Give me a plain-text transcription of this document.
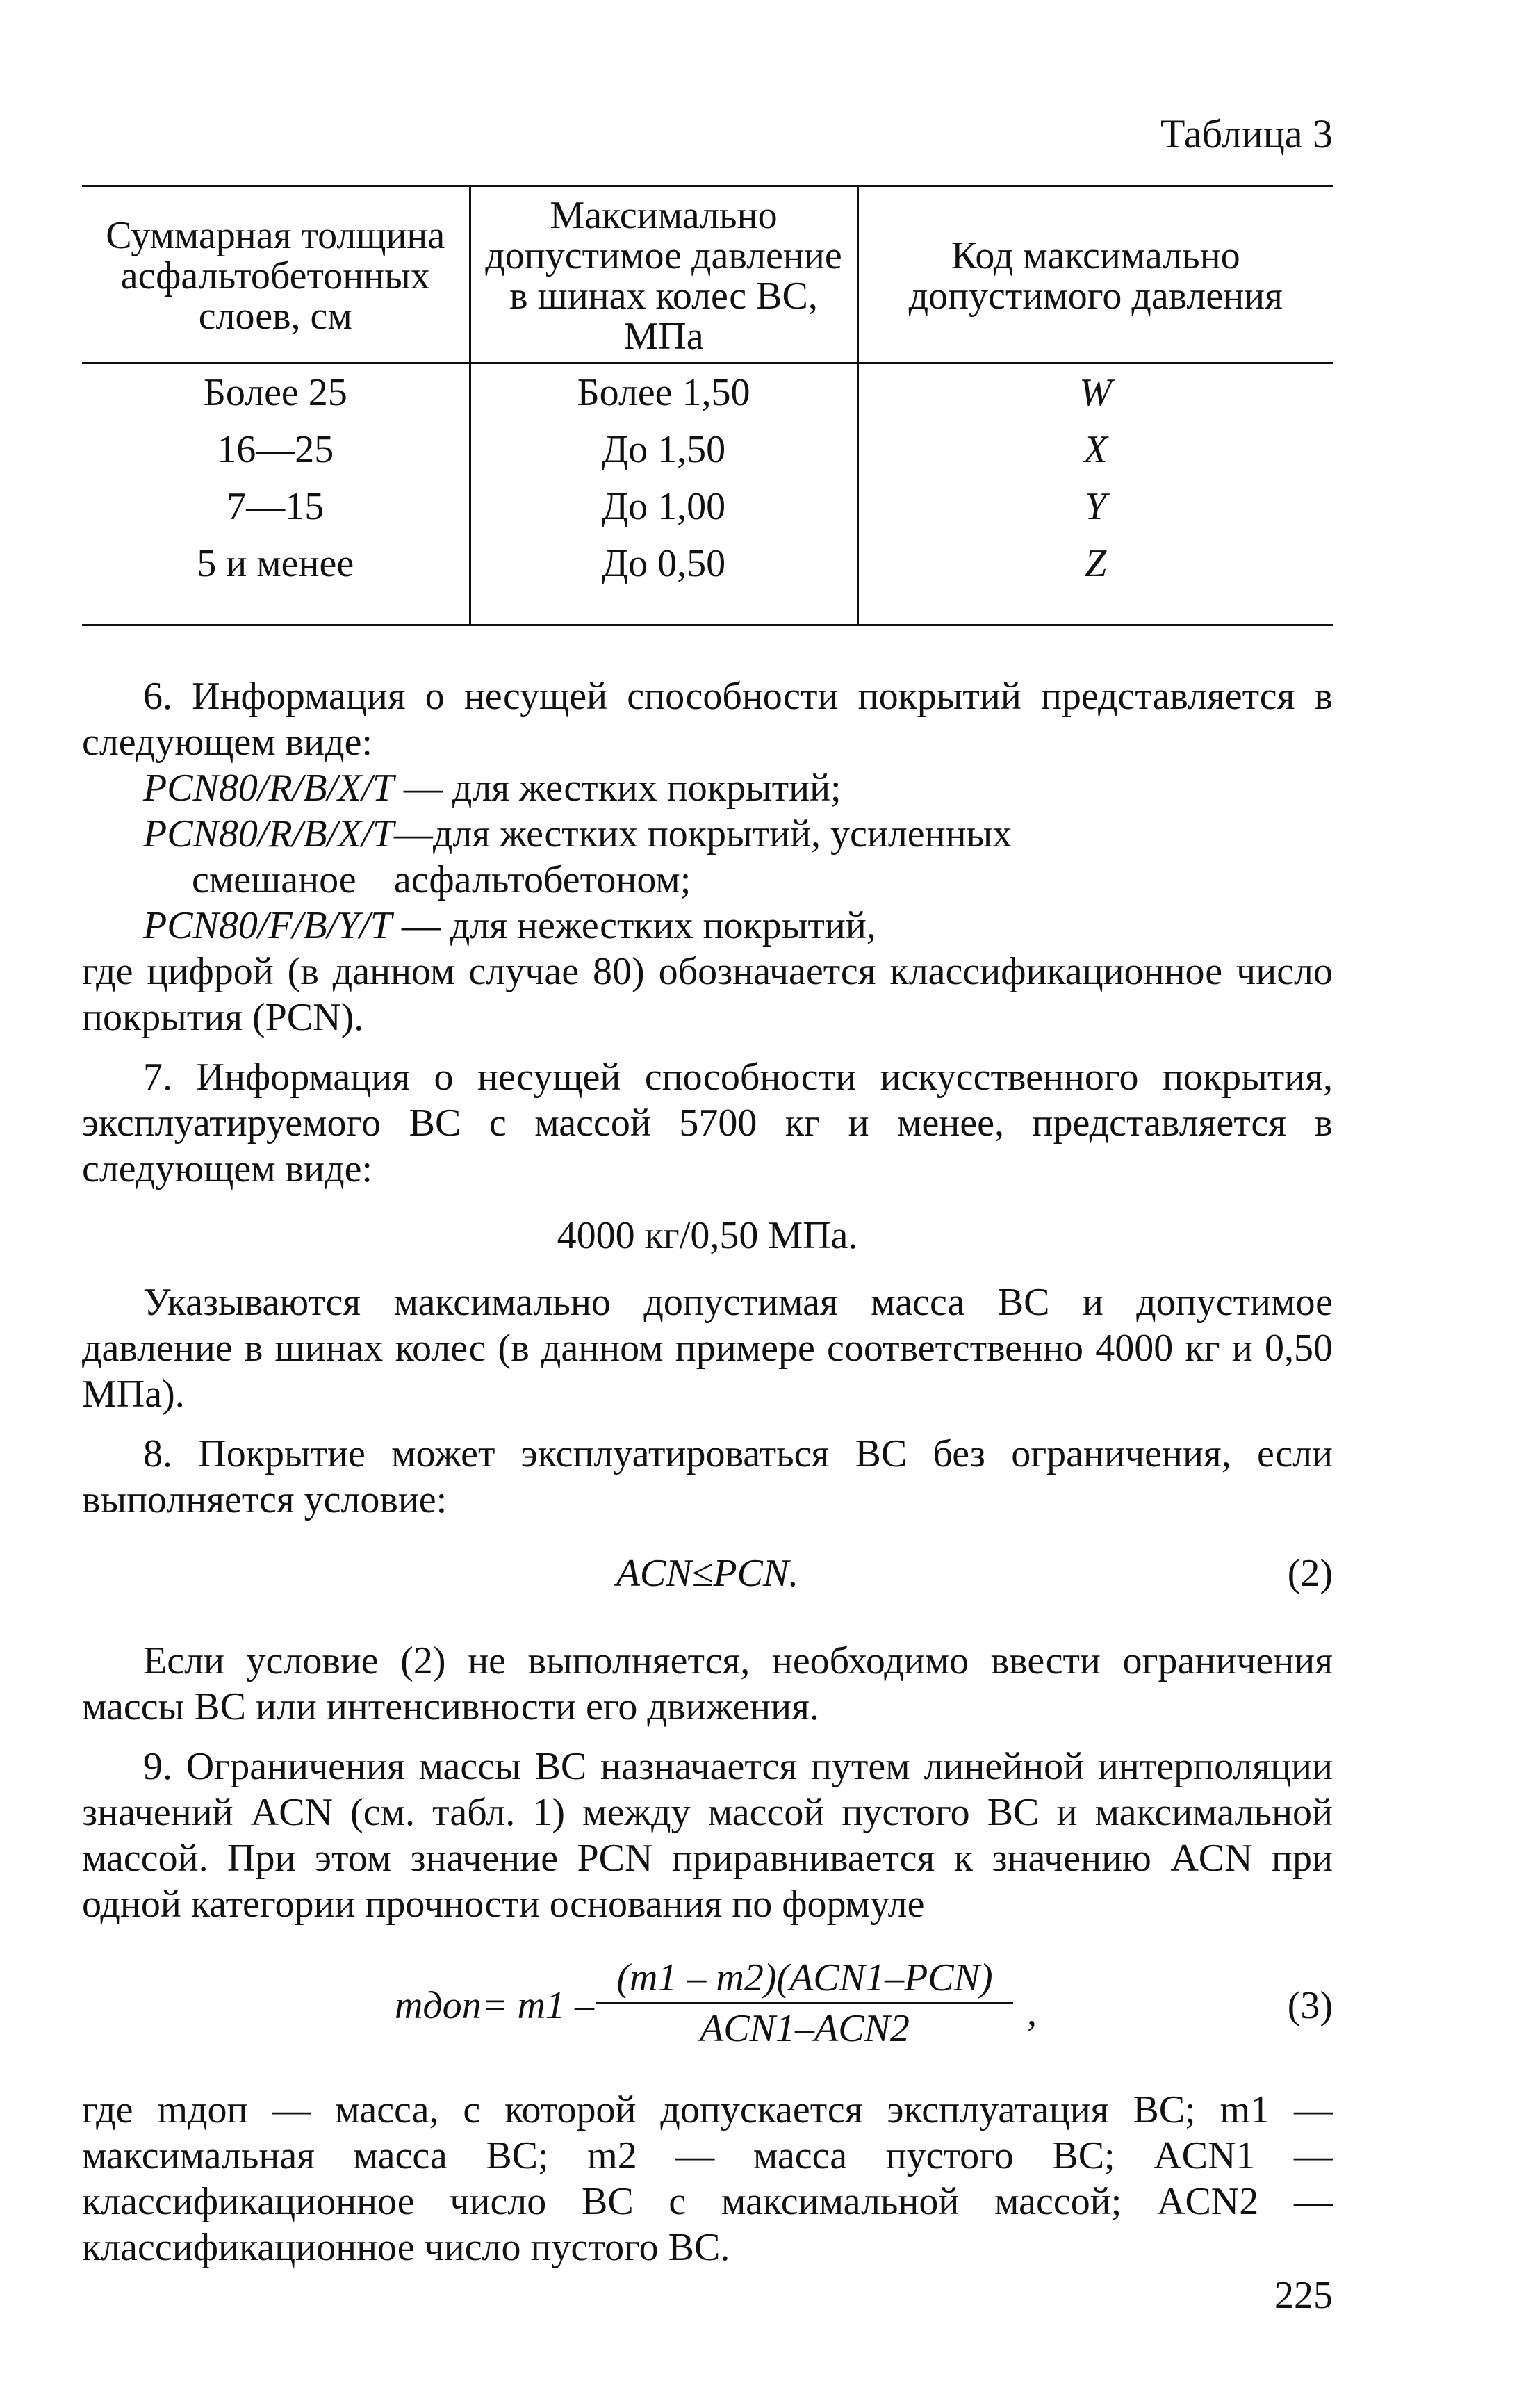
Таблица 3
Суммарная толщина асфальтобетонных слоев, см	Максимально допустимое давление в шинах колес ВС, МПа	Код максимально допустимого давления
Более 25	Более 1,50	W
16—25	До 1,50	X
7—15	До 1,00	Y
5 и менее	До 0,50	Z

6. Информация о несущей способности покрытий представляется в следующем виде:

PCN80/R/B/X/T — для жестких покрытий;
PCN80/R/B/X/T
смешаное
—для жестких покрытий, усиленных асфальтобетоном;
PCN80/F/B/Y/T — для нежестких покрытий,

где цифрой (в данном случае 80) обозначается классификационное число покрытия (PCN).

7. Информация о несущей способности искусственного покрытия, эксплуатируемого ВС с массой 5700 кг и менее, представляется в следующем виде:

4000 кг/0,50 МПа.

Указываются максимально допустимая масса ВС и допустимое давление в шинах колес (в данном примере соответственно 4000 кг и 0,50 МПа).

8. Покрытие может эксплуатироваться ВС без ограничения, если выполняется условие:

ACN≤PCN.	(2)

Если условие (2) не выполняется, необходимо ввести ограничения массы ВС или интенсивности его движения.

9. Ограничения массы ВС назначается путем линейной интерполяции значений ACN (см. табл. 1) между массой пустого ВС и максимальной массой. При этом значение PCN приравнивается к значению ACN при одной категории прочности основания по формуле

mдоп= m1 –
(m1 – m2)(ACN1–PCN)
ACN1–ACN2	,	(3)

где mдоп — масса, с которой допускается эксплуатация ВС; m1 — максимальная масса ВС; m2 — масса пустого ВС; ACN1 — классификационное число ВС с максимальной массой; ACN2 — классификационное число пустого ВС.

225
